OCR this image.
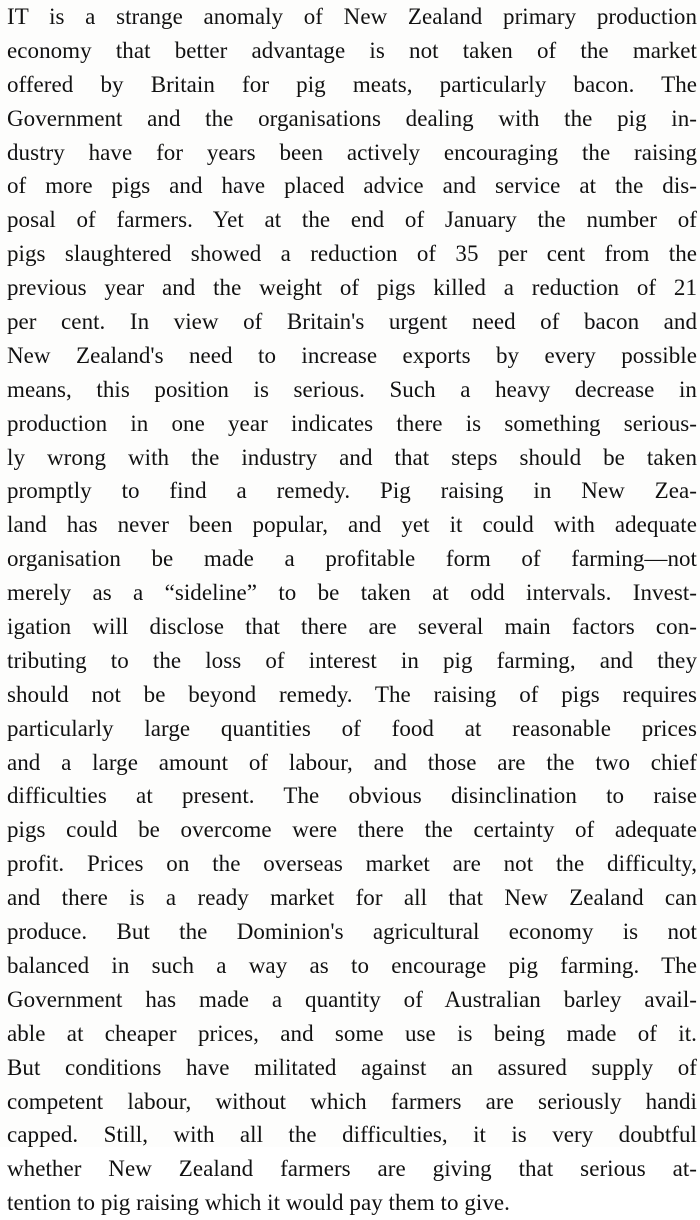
IT is a strange anomaly of New Zealand primary production
economy that better advantage is not taken of the market
offered by Britain for pig meats, particularly bacon. The
Government and the organisations dealing with the pig in-
dustry have for years been actively encouraging the raising
of more pigs and have placed advice and service at the dis-
posal of farmers. Yet at the end of January the number of
pigs slaughtered showed a reduction of 35 per cent from the
previous year and the weight of pigs killed a reduction of 21
per cent. In view of Britain's urgent need of bacon and
New Zealand's need to increase exports by every possible
means, this position is serious. Such a heavy decrease in
production in one year indicates there is something serious-
ly wrong with the industry and that steps should be taken
promptly to find a remedy. Pig raising in New Zea-
land has never been popular, and yet it could with adequate
organisation be made a profitable form of farming—not
merely as a “sideline” to be taken at odd intervals. Invest-
igation will disclose that there are several main factors con-
tributing to the loss of interest in pig farming, and they
should not be beyond remedy. The raising of pigs requires
particularly large quantities of food at reasonable prices
and a large amount of labour, and those are the two chief
difficulties at present. The obvious disinclination to raise
pigs could be overcome were there the certainty of adequate
profit. Prices on the overseas market are not the difficulty,
and there is a ready market for all that New Zealand can
produce. But the Dominion's agricultural economy is not
balanced in such a way as to encourage pig farming. The
Government has made a quantity of Australian barley avail-
able at cheaper prices, and some use is being made of it.
But conditions have militated against an assured supply of
competent labour, without which farmers are seriously handi
capped. Still, with all the difficulties, it is very doubtful
whether New Zealand farmers are giving that serious at-
tention to pig raising which it would pay them to give.
